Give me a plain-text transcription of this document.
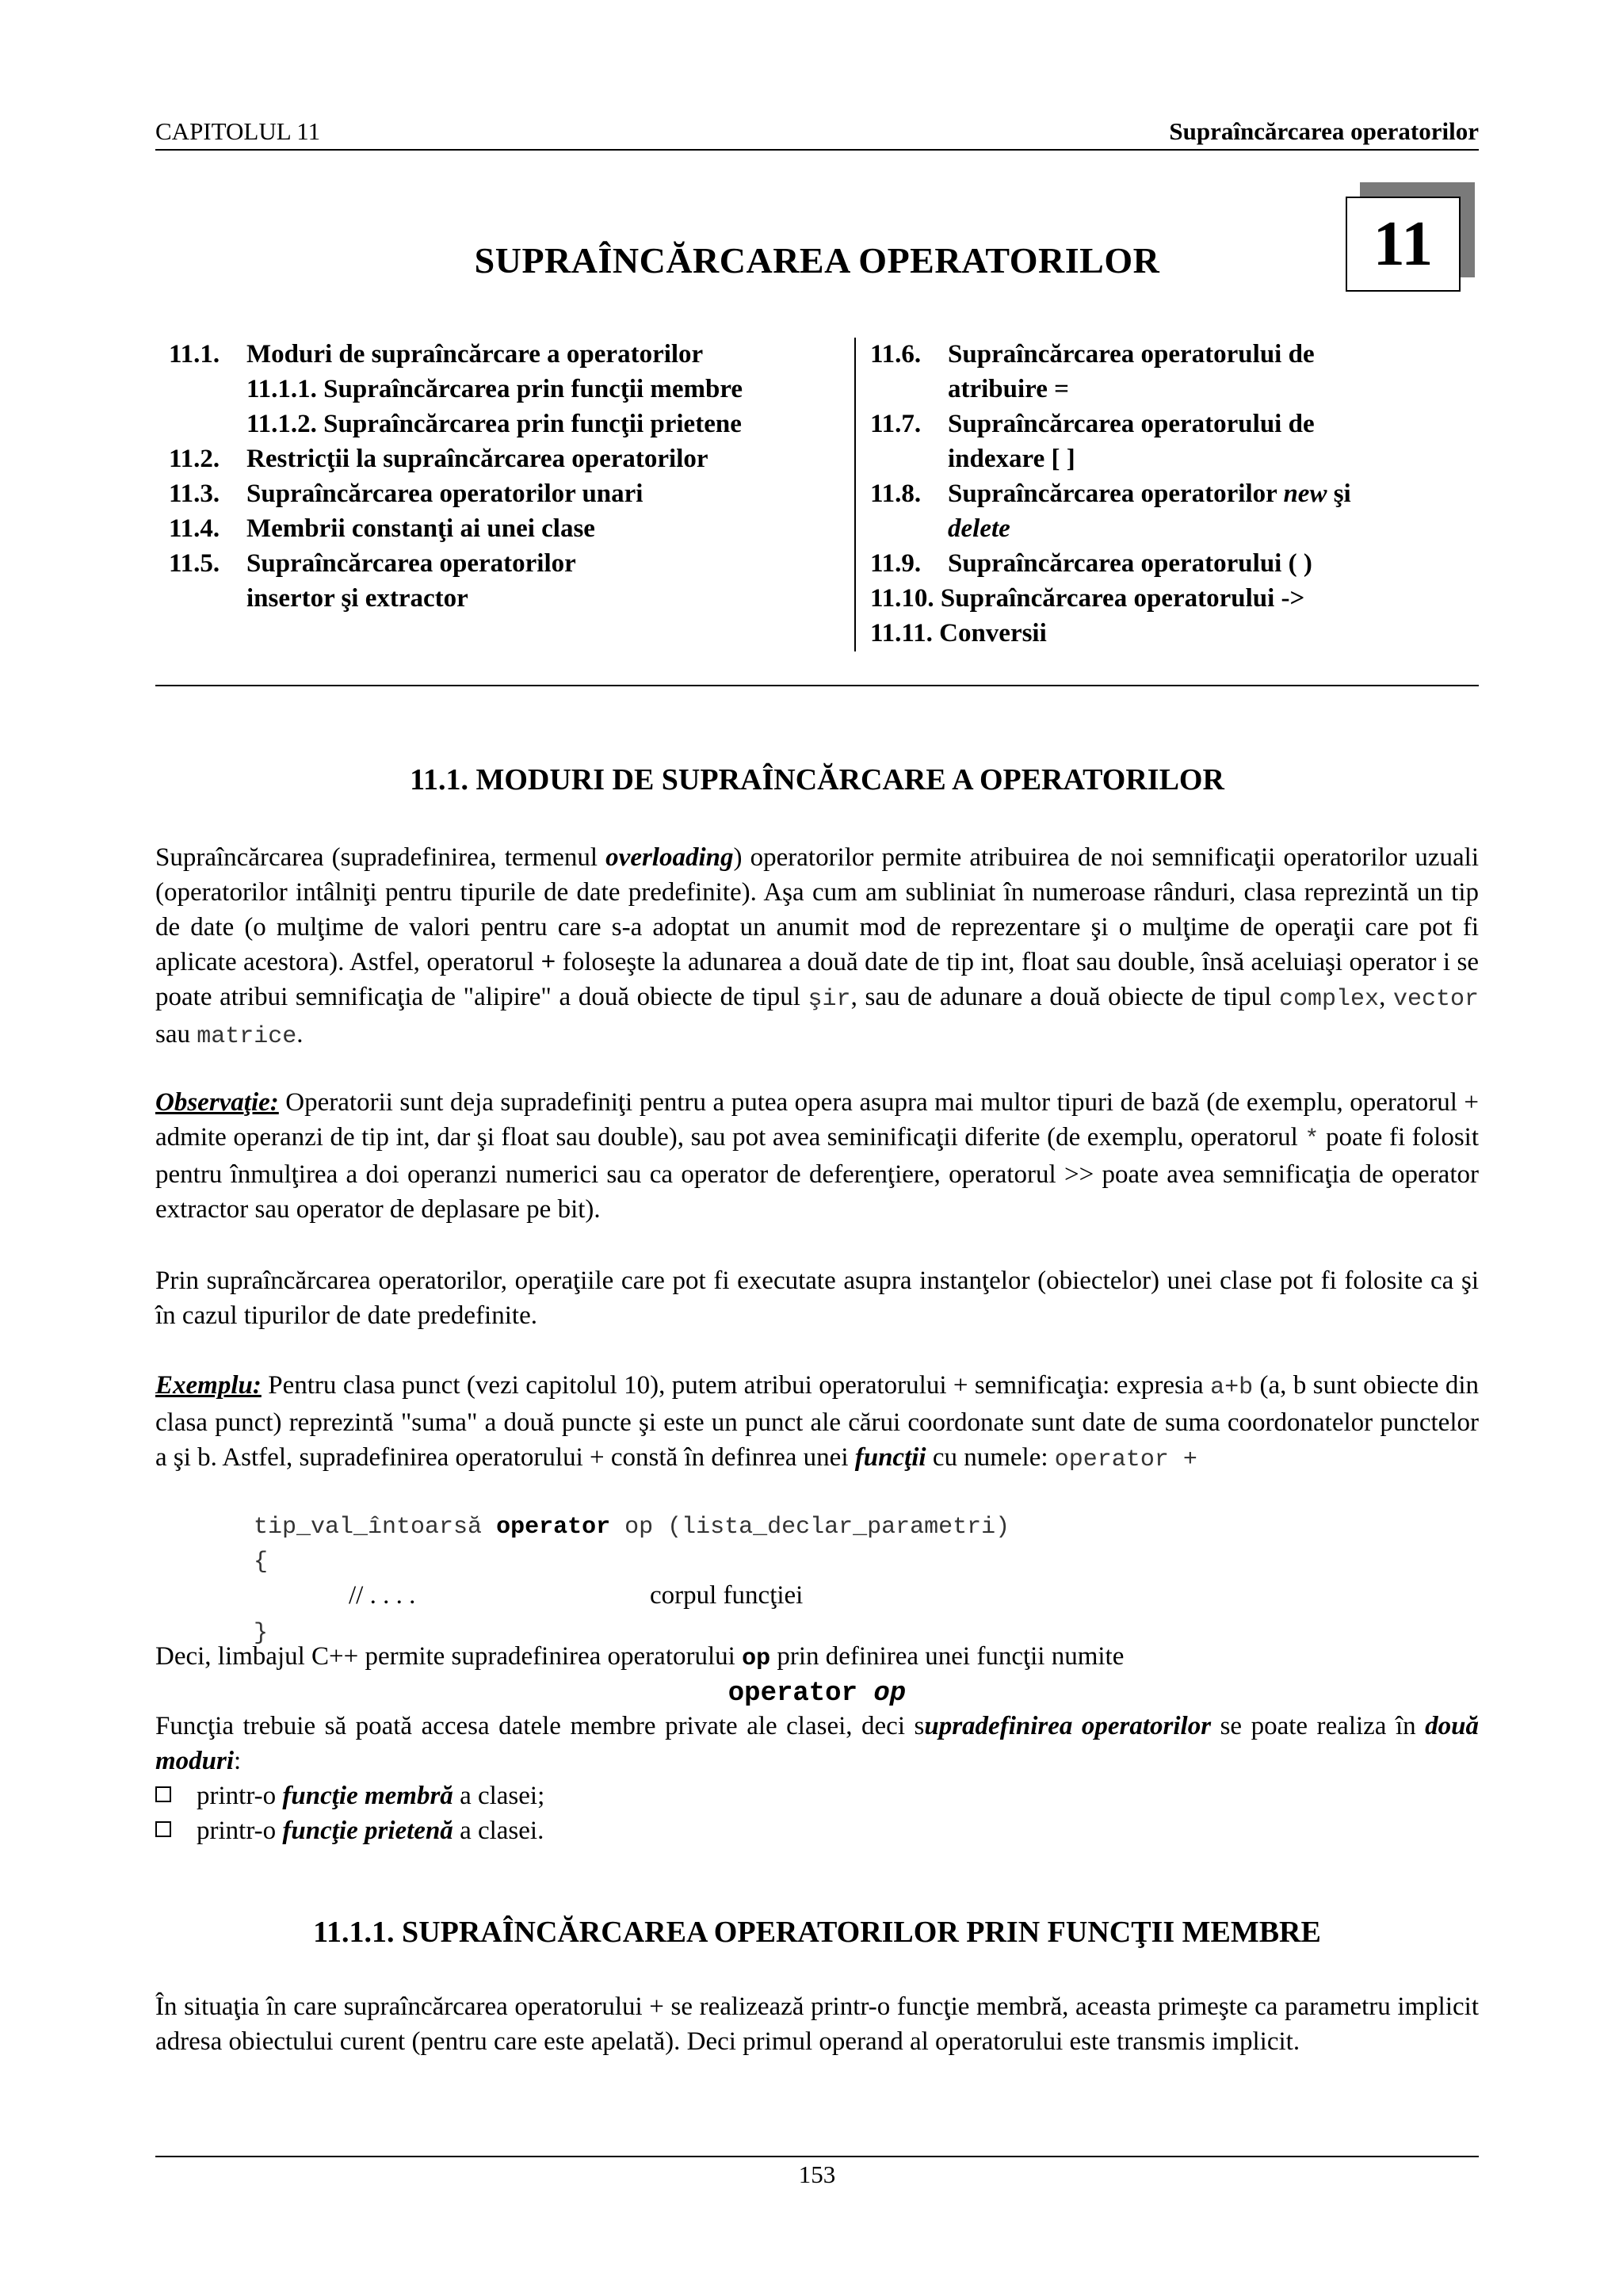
CAPITOLUL 11	Supraîncărcarea operatorilor
11
SUPRAÎNCĂRCAREA OPERATORILOR
11.1. Moduri de supraîncărcare a operatorilor
11.1.1. Supraîncărcarea prin funcţii membre
11.1.2. Supraîncărcarea prin funcţii prietene
11.2. Restricţii la supraîncărcarea operatorilor
11.3. Supraîncărcarea operatorilor unari
11.4. Membrii constanţi ai unei clase
11.5. Supraîncărcarea operatorilor
insertor şi extractor
11.6. Supraîncărcarea operatorului de
atribuire =
11.7. Supraîncărcarea operatorului de
indexare [ ]
11.8. Supraîncărcarea operatorilor new şi
delete
11.9. Supraîncărcarea operatorului ( )
11.10. Supraîncărcarea operatorului ->
11.11. Conversii
11.1. MODURI DE SUPRAÎNCĂRCARE A OPERATORILOR
Supraîncărcarea (supradefinirea, termenul overloading) operatorilor permite atribuirea de noi semnificaţii operatorilor uzuali (operatorilor intâlniţi pentru tipurile de date predefinite). Aşa cum am subliniat în numeroase rânduri, clasa reprezintă un tip de date (o mulţime de valori pentru care s-a adoptat un anumit mod de reprezentare şi o mulţime de operaţii care pot fi aplicate acestora). Astfel, operatorul + foloseşte la adunarea a două date de tip int, float sau double, însă aceluiaşi operator i se poate atribui semnificaţia de "alipire" a două obiecte de tipul şir, sau de adunare a două obiecte de tipul complex, vector sau matrice.
Observaţie: Operatorii sunt deja supradefiniţi pentru a putea opera asupra mai multor tipuri de bază (de exemplu, operatorul + admite operanzi de tip int, dar şi float sau double), sau pot avea seminificaţii diferite (de exemplu, operatorul * poate fi folosit pentru înmulţirea a doi operanzi numerici sau ca operator de deferenţiere, operatorul >> poate avea semnificaţia de operator extractor sau operator de deplasare pe bit).
Prin supraîncărcarea operatorilor, operaţiile care pot fi executate asupra instanţelor (obiectelor) unei clase pot fi folosite ca şi în cazul tipurilor de date predefinite.
Exemplu: Pentru clasa punct (vezi capitolul 10), putem atribui operatorului + semnificaţia: expresia a+b (a, b sunt obiecte din clasa punct) reprezintă "suma" a două puncte şi este un punct ale cărui coordonate sunt date de suma coordonatelor punctelor a şi b. Astfel, supradefinirea operatorului + constă în definrea unei funcţii cu numele: operator +
tip_val_întoarsă operator op (lista_declar_parametri)
{
// . . . .	corpul funcţiei
}
Deci, limbajul C++ permite supradefinirea operatorului op prin definirea unei funcţii numite
operator op
Funcţia trebuie să poată accesa datele membre private ale clasei, deci supradefinirea operatorilor se poate realiza în două moduri:
printr-o funcţie membră a clasei;
printr-o funcţie prietenă a clasei.
11.1.1. SUPRAÎNCĂRCAREA OPERATORILOR PRIN FUNCŢII MEMBRE
În situaţia în care supraîncărcarea operatorului + se realizează printr-o funcţie membră, aceasta primeşte ca parametru implicit adresa obiectului curent (pentru care este apelată). Deci primul operand al operatorului este transmis implicit.
153
